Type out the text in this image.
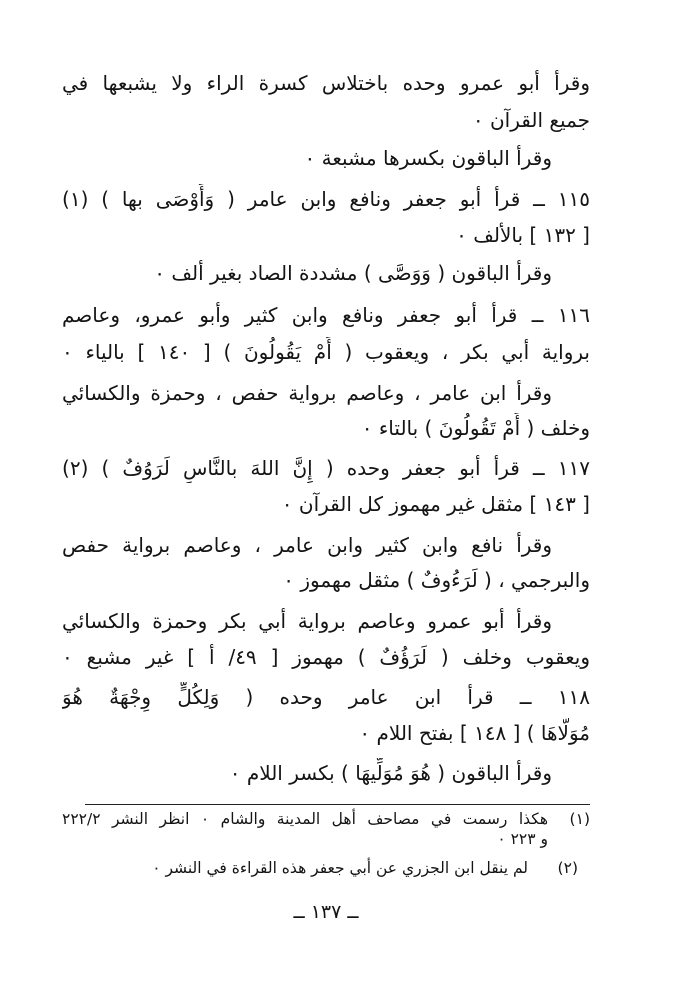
وقرأ أبو عمرو وحده باختلاس كسرة الراء ولا يشبعها في
جميع القرآن ٠
وقرأ الباقون بكسرها مشبعة ٠
١١٥ ــ قرأ أبو جعفر ونافع وابن عامر ( وَأَوْصَى بها ) (١)
[ ١٣٢ ] بالألف ٠
وقرأ الباقون ( وَوَصَّى ) مشددة الصاد بغير ألف ٠
١١٦ ــ قرأ أبو جعفر ونافع وابن كثير وأبو عمرو، وعاصم
برواية أبي بكر ، ويعقوب ( أَمْ يَقُولُونَ ) [ ١٤٠ ] بالياء ٠
وقرأ ابن عامر ، وعاصم برواية حفص ، وحمزة والكسائي
وخلف ( أَمْ تَقُولُونَ ) بالتاء ٠
١١٧ ــ قرأ أبو جعفر وحده ( إِنَّ اللهَ بالنَّاسِ لَرَوُفٌ ) (٢)
[ ١٤٣ ] مثقل غير مهموز كل القرآن ٠
وقرأ نافع وابن كثير وابن عامر ، وعاصم برواية حفص
والبرجمي ، ( لَرَءُوفٌ ) مثقل مهموز ٠
وقرأ أبو عمرو وعاصم برواية أبي بكر وحمزة والكسائي
ويعقوب وخلف ( لَرَؤُفٌ ) مهموز [ ٤٩/ أ ] غير مشبع ٠
١١٨ ــ قرأ ابن عامر وحده ( وَلِكُلٍّ وِجْهَةٌ هُوَ
مُوَلَّاهَا ) [ ١٤٨ ] بفتح اللام ٠
وقرأ الباقون ( هُوَ مُوَلِّيهَا ) بكسر اللام ٠
(١)هكذا رسمت في مصاحف أهل المدينة والشام ٠ انظر النشر ٢٢٢/٢
و ٢٢٣ ٠
(٢)لم ينقل ابن الجزري عن أبي جعفر هذه القراءة في النشر ٠
ــ ١٣٧ ــ
